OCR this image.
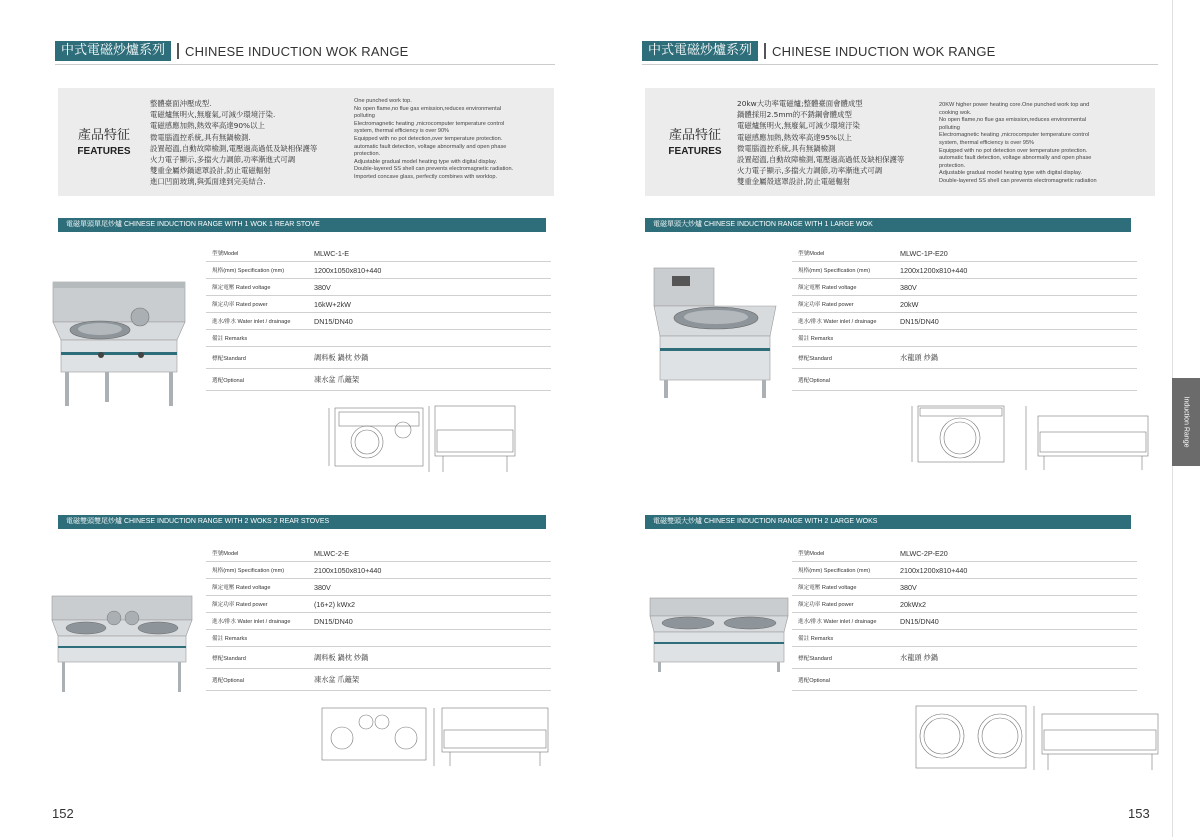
中式電磁炒爐系列	CHINESE INDUCTION WOK RANGE
產品特征
FEATURES
整體臺面沖壓成型.
電磁爐無明火,無廢氣,可減少環境汙染.
電磁感應加熱,熱效率高達90%以上
微電腦溫控系統,具有無鍋檢測.
設置超溫,自動故障檢測,電壓過高過低及缺相保護等
火力電子顯示,多擋火力調節,功率漸進式可調
雙重金屬炒鍋遮罩設計,防止電磁輻射
進口凹面玻璃,與弧面達到完美結合.
One punched work top.
No open flame,no flue gas emission,reduces environmental
polluting
Electromagnetic heating ,microcomputer temperature control
system, thermal efficiency is over 90%
Equipped with no pot detection,over temperature protection.
automatic fault detection, voltage abnormally and open phase
protection.
Adjustable gradual model heating type with digital display.
Double-layered SS shell can prevents electromagnetic radiation.
Imported concave glass, perfectly combines with worktop.
電磁單頭單尾炒爐 CHINESE INDUCTION RANGE WITH 1 WOK 1 REAR STOVE
型號Model	MLWC-1-E
規格(mm) Specification (mm)	1200x1050x810+440
額定電壓 Rated voltage	380V
額定功率 Rated power	16kW+2kW
進水/排水 Water inlet / drainage	DN15/DN40
備註 Remarks
標配Standard	調料板 鍋枕 炒鍋
選配Optional	凍水盆 爪籬架
電磁雙頭雙尾炒爐 CHINESE INDUCTION RANGE WITH 2 WOKS 2 REAR STOVES
型號Model	MLWC-2-E
規格(mm) Specification (mm)	2100x1050x810+440
額定電壓 Rated voltage	380V
額定功率 Rated power	(16+2) kWx2
進水/排水 Water inlet / drainage	DN15/DN40
備註 Remarks
標配Standard	調料板 鍋枕 炒鍋
選配Optional	凍水盆 爪籬架
152
中式電磁炒爐系列	CHINESE INDUCTION WOK RANGE
產品特征
FEATURES
20kw大功率電磁爐;整體臺面會體成型
鍋體採用2.5mm的不銹鋼會體成型
電磁爐無明火,無廢氣,可減少環境汙染
電磁感應加熱,熱效率高達95%以上
微電腦溫控系統,具有無鍋檢測
設置超溫,自動故障檢測,電壓過高過低及缺相保護等
火力電子顯示,多擋火力調節,功率漸進式可調
雙重金屬殼遮罩設計,防止電磁輻射
20KW higher power heating core.One punched work top and
cooking wok.
No open flame,no flue gas emission,reduces environmental
polluting
Electromagnetic heating ,microcomputer temperature control
system, thermal efficiency is over 95%
Equipped with no pot detection over temperature protection.
automatic fault detection, voltage abnormally and open phase
protection.
Adjustable gradual model heating type with digital display.
Double-layered SS shell can prevents electromagnetic radiation
電磁單頭大炒爐 CHINESE INDUCTION RANGE WITH 1 LARGE WOK
型號Model	MLWC-1P-E20
規格(mm) Specification (mm)	1200x1200x810+440
額定電壓 Rated voltage	380V
額定功率 Rated power	20kW
進水/排水 Water inlet / drainage	DN15/DN40
備註 Remarks
標配Standard	水龍頭 炒鍋
選配Optional
電磁雙頭大炒爐 CHINESE INDUCTION RANGE WITH 2 LARGE WOKS
型號Model	MLWC-2P-E20
規格(mm) Specification (mm)	2100x1200x810+440
額定電壓 Rated voltage	380V
額定功率 Rated power	20kWx2
進水/排水 Water inlet / drainage	DN15/DN40
備註 Remarks
標配Standard	水龍頭 炒鍋
選配Optional
153
Induction Range
